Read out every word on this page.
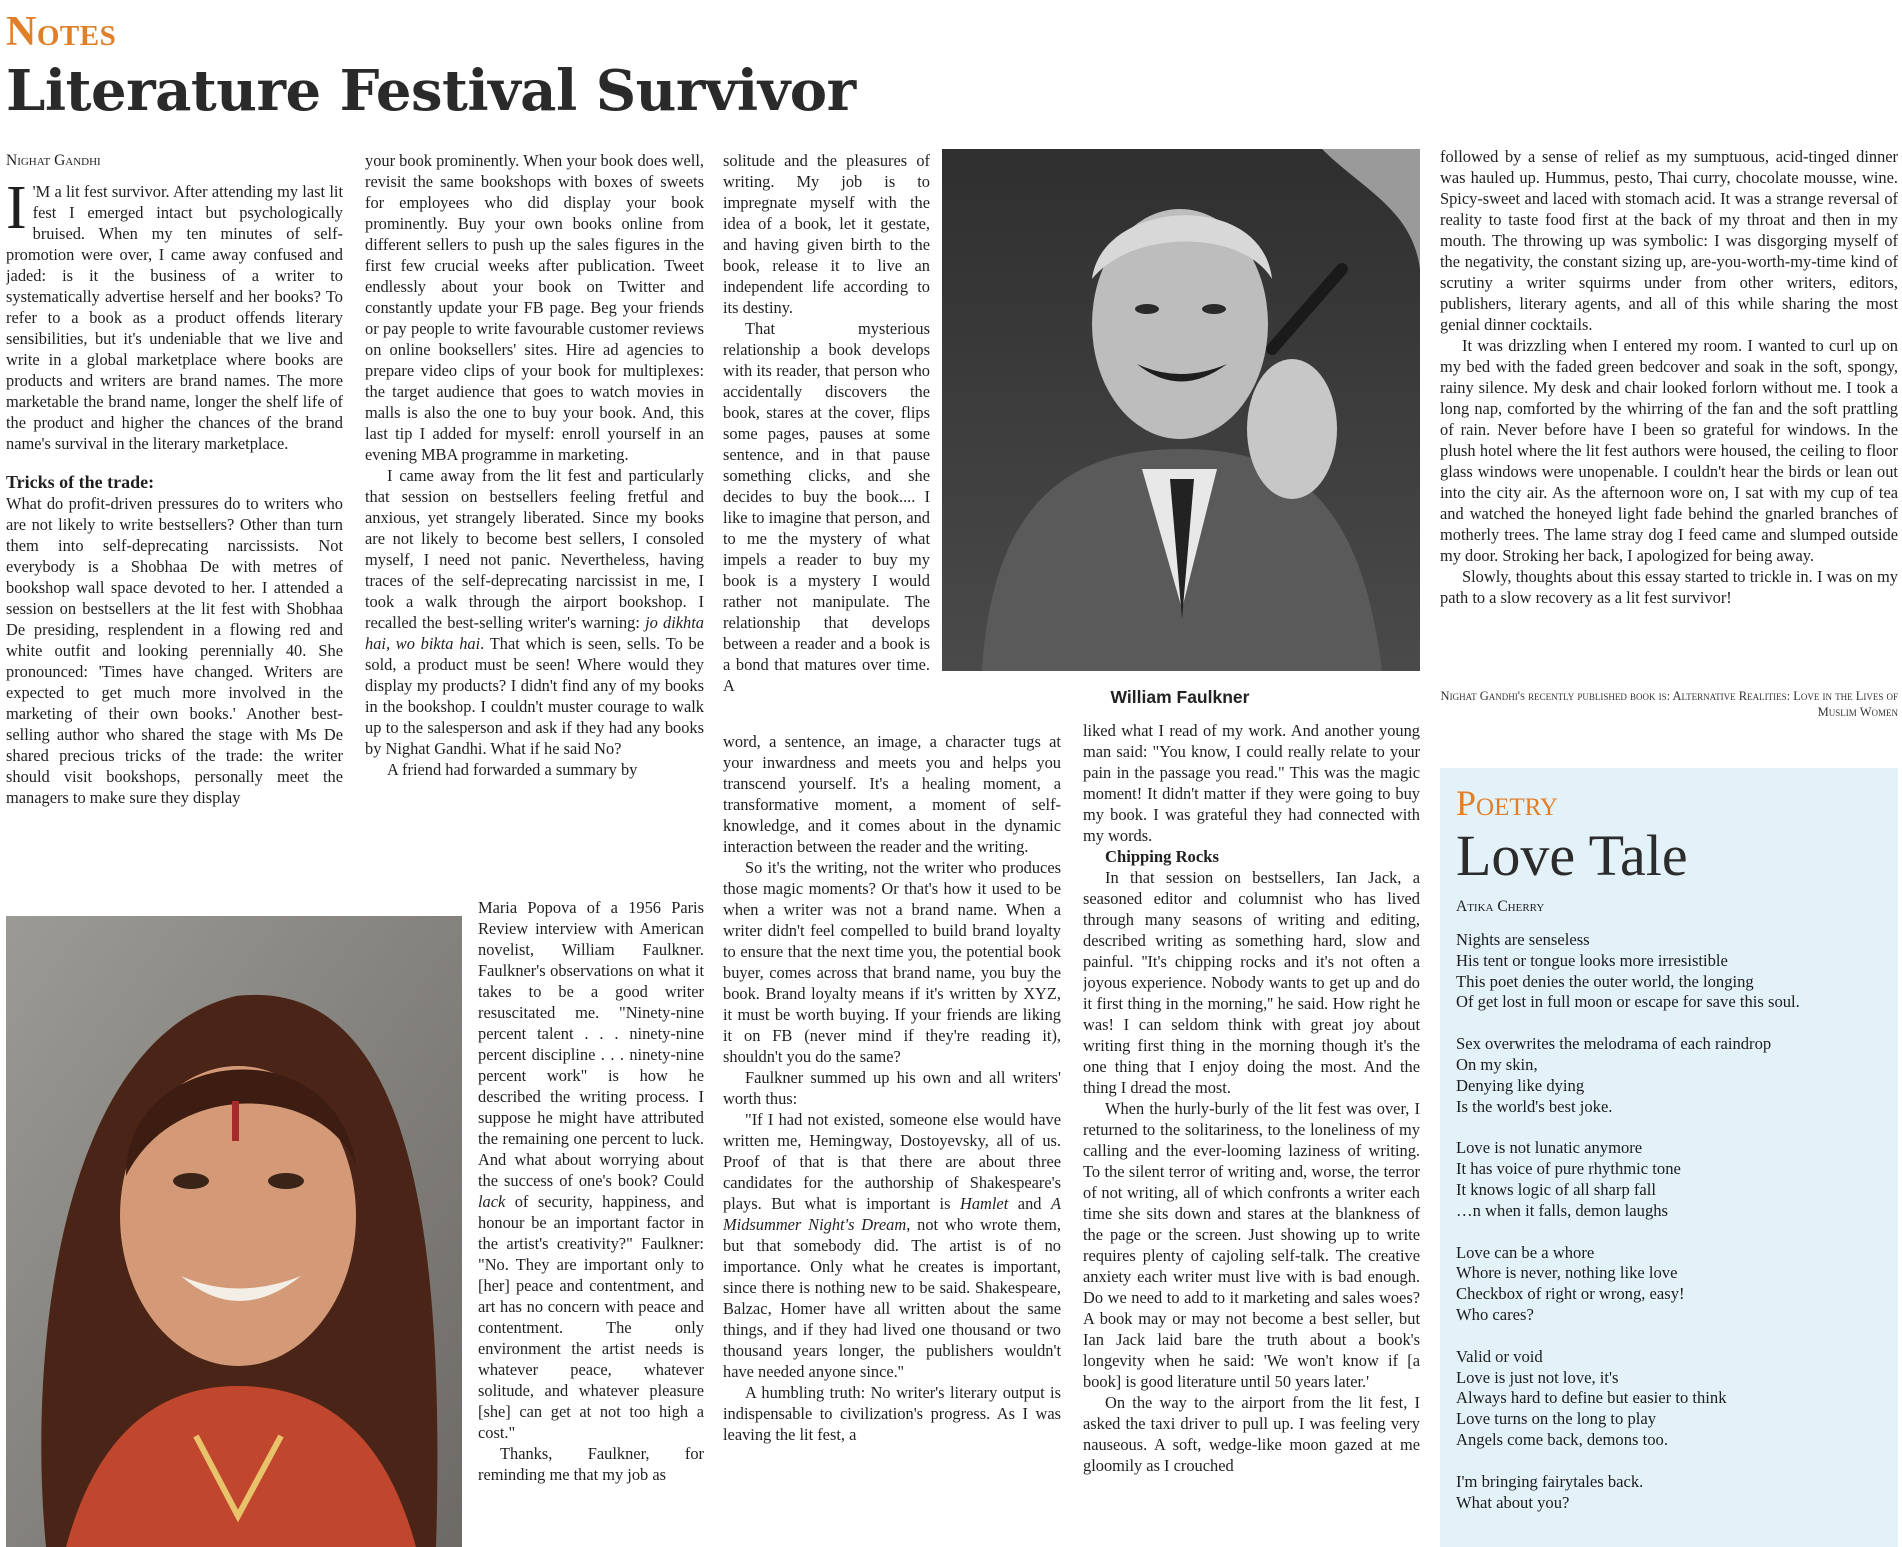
Notes
Literature Festival Survivor
Nighat Gandhi

I 'M a lit fest survivor. After attending my last lit fest I emerged intact but psychologically bruised. When my ten minutes of self-promotion were over, I came away confused and jaded: is it the business of a writer to systematically advertise herself and her books? To refer to a book as a product offends literary sensibilities, but it's undeniable that we live and write in a global marketplace where books are products and writers are brand names. The more marketable the brand name, longer the shelf life of the product and higher the chances of the brand name's survival in the literary marketplace.

Tricks of the trade:

What do profit-driven pressures do to writers who are not likely to write bestsellers? Other than turn them into self-deprecating narcissists. Not everybody is a Shobhaa De with metres of bookshop wall space devoted to her. I attended a session on bestsellers at the lit fest with Shobhaa De presiding, resplendent in a flowing red and white outfit and looking perennially 40. She pronounced: 'Times have changed. Writers are expected to get much more involved in the marketing of their own books.' Another best-selling author who shared the stage with Ms De shared precious tricks of the trade: the writer should visit bookshops, personally meet the managers to make sure they display

your book prominently. When your book does well, revisit the same bookshops with boxes of sweets for employees who did display your book prominently. Buy your own books online from different sellers to push up the sales figures in the first few crucial weeks after publication. Tweet endlessly about your book on Twitter and constantly update your FB page. Beg your friends or pay people to write favourable customer reviews on online booksellers' sites. Hire ad agencies to prepare video clips of your book for multiplexes: the target audience that goes to watch movies in malls is also the one to buy your book. And, this last tip I added for myself: enroll yourself in an evening MBA programme in marketing.

I came away from the lit fest and particularly that session on bestsellers feeling fretful and anxious, yet strangely liberated. Since my books are not likely to become best sellers, I consoled myself, I need not panic. Nevertheless, having traces of the self-deprecating narcissist in me, I took a walk through the airport bookshop. I recalled the best-selling writer's warning: jo dikhta hai, wo bikta hai. That which is seen, sells. To be sold, a product must be seen! Where would they display my products? I didn't find any of my books in the bookshop. I couldn't muster courage to walk up to the salesperson and ask if they had any books by Nighat Gandhi. What if he said No?

A friend had forwarded a summary by

Maria Popova of a 1956 Paris Review interview with American novelist, William Faulkner. Faulkner's observations on what it takes to be a good writer resuscitated me. "Ninety-nine percent talent . . . ninety-nine percent discipline . . . ninety-nine percent work" is how he described the writing process. I suppose he might have attributed the remaining one percent to luck. And what about worrying about the success of one's book? Could lack of security, happiness, and honour be an important factor in the artist's creativity?" Faulkner: "No. They are important only to [her] peace and contentment, and art has no concern with peace and contentment. The only environment the artist needs is whatever peace, whatever solitude, and whatever pleasure [she] can get at not too high a cost."

Thanks, Faulkner, for reminding me that my job as

solitude and the pleasures of writing. My job is to impregnate myself with the idea of a book, let it gestate, and having given birth to the book, release it to live an independent life according to its destiny.

That mysterious relationship a book develops with its reader, that person who accidentally discovers the book, stares at the cover, flips some pages, pauses at some sentence, and in that pause something clicks, and she decides to buy the book.... I like to imagine that person, and to me the mystery of what impels a reader to buy my book is a mystery I would rather not manipulate. The relationship that develops between a reader and a book is a bond that matures over time. A

word, a sentence, an image, a character tugs at your inwardness and meets you and helps you transcend yourself. It's a healing moment, a transformative moment, a moment of self-knowledge, and it comes about in the dynamic interaction between the reader and the writing.

So it's the writing, not the writer who produces those magic moments? Or that's how it used to be when a writer was not a brand name. When a writer didn't feel compelled to build brand loyalty to ensure that the next time you, the potential book buyer, comes across that brand name, you buy the book. Brand loyalty means if it's written by XYZ, it must be worth buying. If your friends are liking it on FB (never mind if they're reading it), shouldn't you do the same?

Faulkner summed up his own and all writers' worth thus:

"If I had not existed, someone else would have written me, Hemingway, Dostoyevsky, all of us. Proof of that is that there are about three candidates for the authorship of Shakespeare's plays. But what is important is Hamlet and A Midsummer Night's Dream, not who wrote them, but that somebody did. The artist is of no importance. Only what he creates is important, since there is nothing new to be said. Shakespeare, Balzac, Homer have all written about the same things, and if they had lived one thousand or two thousand years longer, the publishers wouldn't have needed anyone since.''

A humbling truth: No writer's literary output is indispensable to civilization's progress. As I was leaving the lit fest, a

William Faulkner

liked what I read of my work. And another young man said: "You know, I could really relate to your pain in the passage you read." This was the magic moment! It didn't matter if they were going to buy my book. I was grateful they had connected with my words.

Chipping Rocks

In that session on bestsellers, Ian Jack, a seasoned editor and columnist who has lived through many seasons of writing and editing, described writing as something hard, slow and painful. ''It's chipping rocks and it's not often a joyous experience. Nobody wants to get up and do it first thing in the morning,'' he said. How right he was! I can seldom think with great joy about writing first thing in the morning though it's the one thing that I enjoy doing the most. And the thing I dread the most.

When the hurly-burly of the lit fest was over, I returned to the solitariness, to the loneliness of my calling and the ever-looming laziness of writing. To the silent terror of writing and, worse, the terror of not writing, all of which confronts a writer each time she sits down and stares at the blankness of the page or the screen. Just showing up to write requires plenty of cajoling self-talk. The creative anxiety each writer must live with is bad enough. Do we need to add to it marketing and sales woes? A book may or may not become a best seller, but Ian Jack laid bare the truth about a book's longevity when he said: 'We won't know if [a book] is good literature until 50 years later.'

On the way to the airport from the lit fest, I asked the taxi driver to pull up. I was feeling very nauseous. A soft, wedge-like moon gazed at me gloomily as I crouched

followed by a sense of relief as my sumptuous, acid-tinged dinner was hauled up. Hummus, pesto, Thai curry, chocolate mousse, wine. Spicy-sweet and laced with stomach acid. It was a strange reversal of reality to taste food first at the back of my throat and then in my mouth. The throwing up was symbolic: I was disgorging myself of the negativity, the constant sizing up, are-you-worth-my-time kind of scrutiny a writer squirms under from other writers, editors, publishers, literary agents, and all of this while sharing the most genial dinner cocktails.

It was drizzling when I entered my room. I wanted to curl up on my bed with the faded green bedcover and soak in the soft, spongy, rainy silence. My desk and chair looked forlorn without me. I took a long nap, comforted by the whirring of the fan and the soft prattling of rain. Never before have I been so grateful for windows. In the plush hotel where the lit fest authors were housed, the ceiling to floor glass windows were unopenable. I couldn't hear the birds or lean out into the city air. As the afternoon wore on, I sat with my cup of tea and watched the honeyed light fade behind the gnarled branches of motherly trees. The lame stray dog I feed came and slumped outside my door. Stroking her back, I apologized for being away.

Slowly, thoughts about this essay started to trickle in. I was on my path to a slow recovery as a lit fest survivor!

Nighat Gandhi's recently published book is: Alternative Realities: Love in the Lives of Muslim Women

Poetry

Love Tale

Atika Cherry

Nights are senseless
His tent or tongue looks more irresistible
This poet denies the outer world, the longing
Of get lost in full moon or escape for save this soul.
Sex overwrites the melodrama of each raindrop
On my skin,
Denying like dying
Is the world's best joke.
Love is not lunatic anymore
It has voice of pure rhythmic tone
It knows logic of all sharp fall
…n when it falls, demon laughs
Love can be a whore
Whore is never, nothing like love
Checkbox of right or wrong, easy!
Who cares?
Valid or void
Love is just not love, it's
Always hard to define but easier to think
Love turns on the long to play
Angels come back, demons too.
I'm bringing fairytales back.
What about you?
